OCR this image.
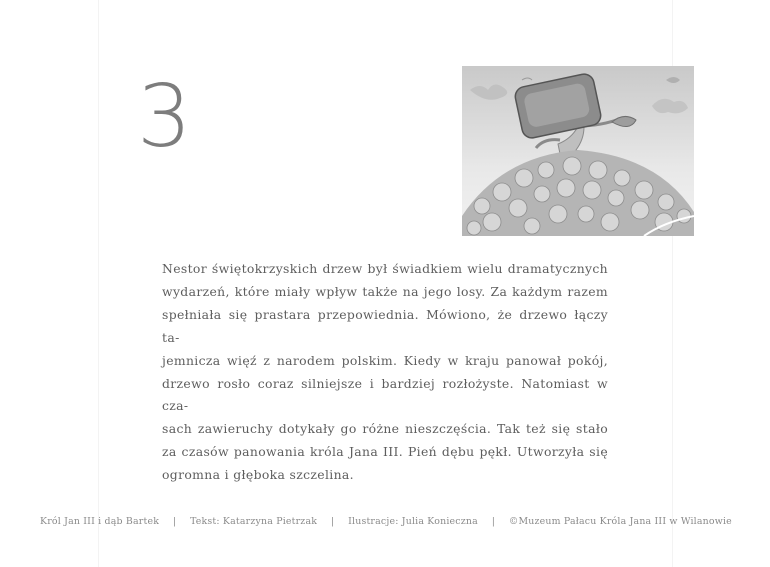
3
Nestor świętokrzyskich drzew był świadkiem wielu dramatycznych
wydarzeń, które miały wpływ także na jego losy. Za każdym razem
spełniała się prastara przepowiednia. Mówiono, że drzewo łączy ta-
jemnicza więź z narodem polskim. Kiedy w kraju panował pokój,
drzewo rosło coraz silniejsze i bardziej rozłożyste. Natomiast w cza-
sach zawieruchy dotykały go różne nieszczęścia. Tak też się stało
za czasów panowania króla Jana III. Pień dębu pękł. Utworzyła się
ogromna i głęboka szczelina.
Król Jan III i dąb Bartek | Tekst: Katarzyna Pietrzak | Ilustracje: Julia Konieczna | ©Muzeum Pałacu Króla Jana III w Wilanowie
